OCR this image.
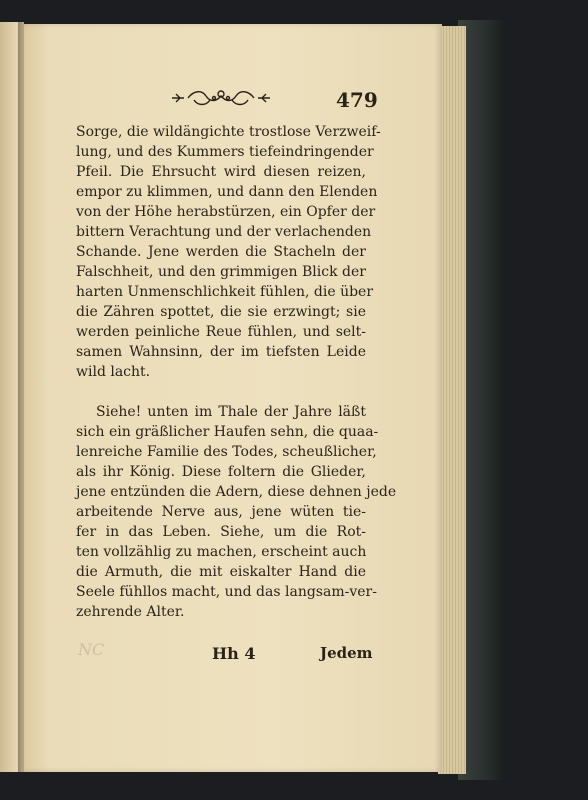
479
Sorge, die wildängichte trostlose Verzweif-
lung, und des Kummers tiefeindringender
Pfeil. Die Ehrsucht wird diesen reizen,
empor zu klimmen, und dann den Elenden
von der Höhe herabstürzen, ein Opfer der
bittern Verachtung und der verlachenden
Schande. Jene werden die Stacheln der
Falschheit, und den grimmigen Blick der
harten Unmenschlichkeit fühlen, die über
die Zähren spottet, die sie erzwingt; sie
werden peinliche Reue fühlen, und selt-
samen Wahnsinn, der im tiefsten Leide
wild lacht.
Siehe! unten im Thale der Jahre läßt
sich ein gräßlicher Haufen sehn, die quaa-
lenreiche Familie des Todes, scheußlicher,
als ihr König. Diese foltern die Glieder,
jene entzünden die Adern, diese dehnen jede
arbeitende Nerve aus, jene wüten tie-
fer in das Leben. Siehe, um die Rot-
ten vollzählig zu machen, erscheint auch
die Armuth, die mit eiskalter Hand die
Seele fühllos macht, und das langsam-ver-
zehrende Alter.
NC	Hh 4	Jedem
